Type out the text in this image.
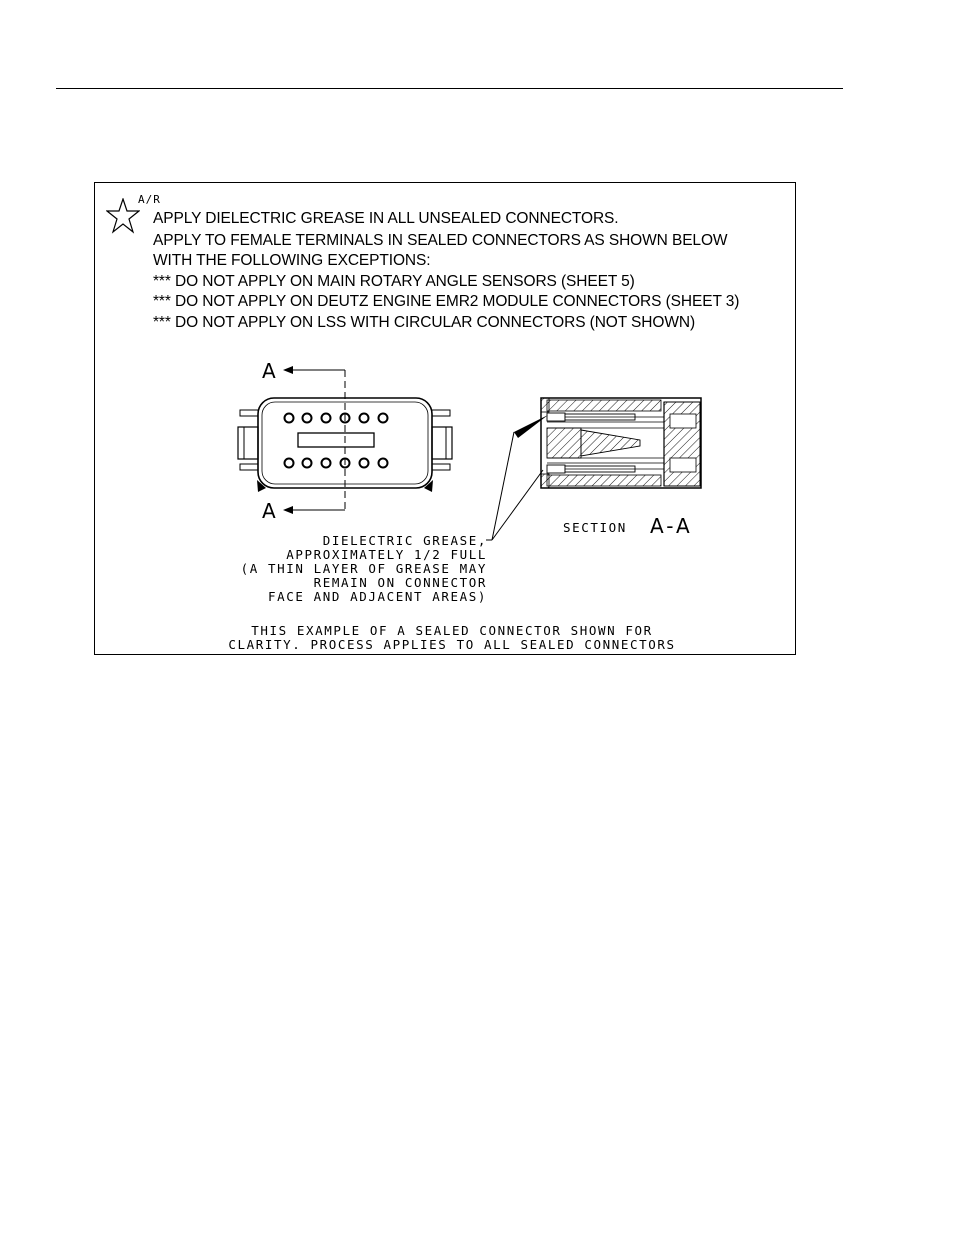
A/R
APPLY DIELECTRIC GREASE IN ALL UNSEALED CONNECTORS.
APPLY TO FEMALE TERMINALS IN SEALED CONNECTORS AS SHOWN BELOW
WITH THE FOLLOWING EXCEPTIONS:
*** DO NOT APPLY ON MAIN ROTARY ANGLE SENSORS (SHEET 5)
*** DO NOT APPLY ON DEUTZ ENGINE EMR2 MODULE CONNECTORS (SHEET 3)
*** DO NOT APPLY ON LSS WITH CIRCULAR CONNECTORS (NOT SHOWN)
A
A
DIELECTRIC GREASE,
APPROXIMATELY 1/2 FULL
(A THIN LAYER OF GREASE MAY
REMAIN ON CONNECTOR
FACE AND ADJACENT AREAS)
SECTION A-A
THIS EXAMPLE OF A SEALED CONNECTOR SHOWN FOR
CLARITY. PROCESS APPLIES TO ALL SEALED CONNECTORS
